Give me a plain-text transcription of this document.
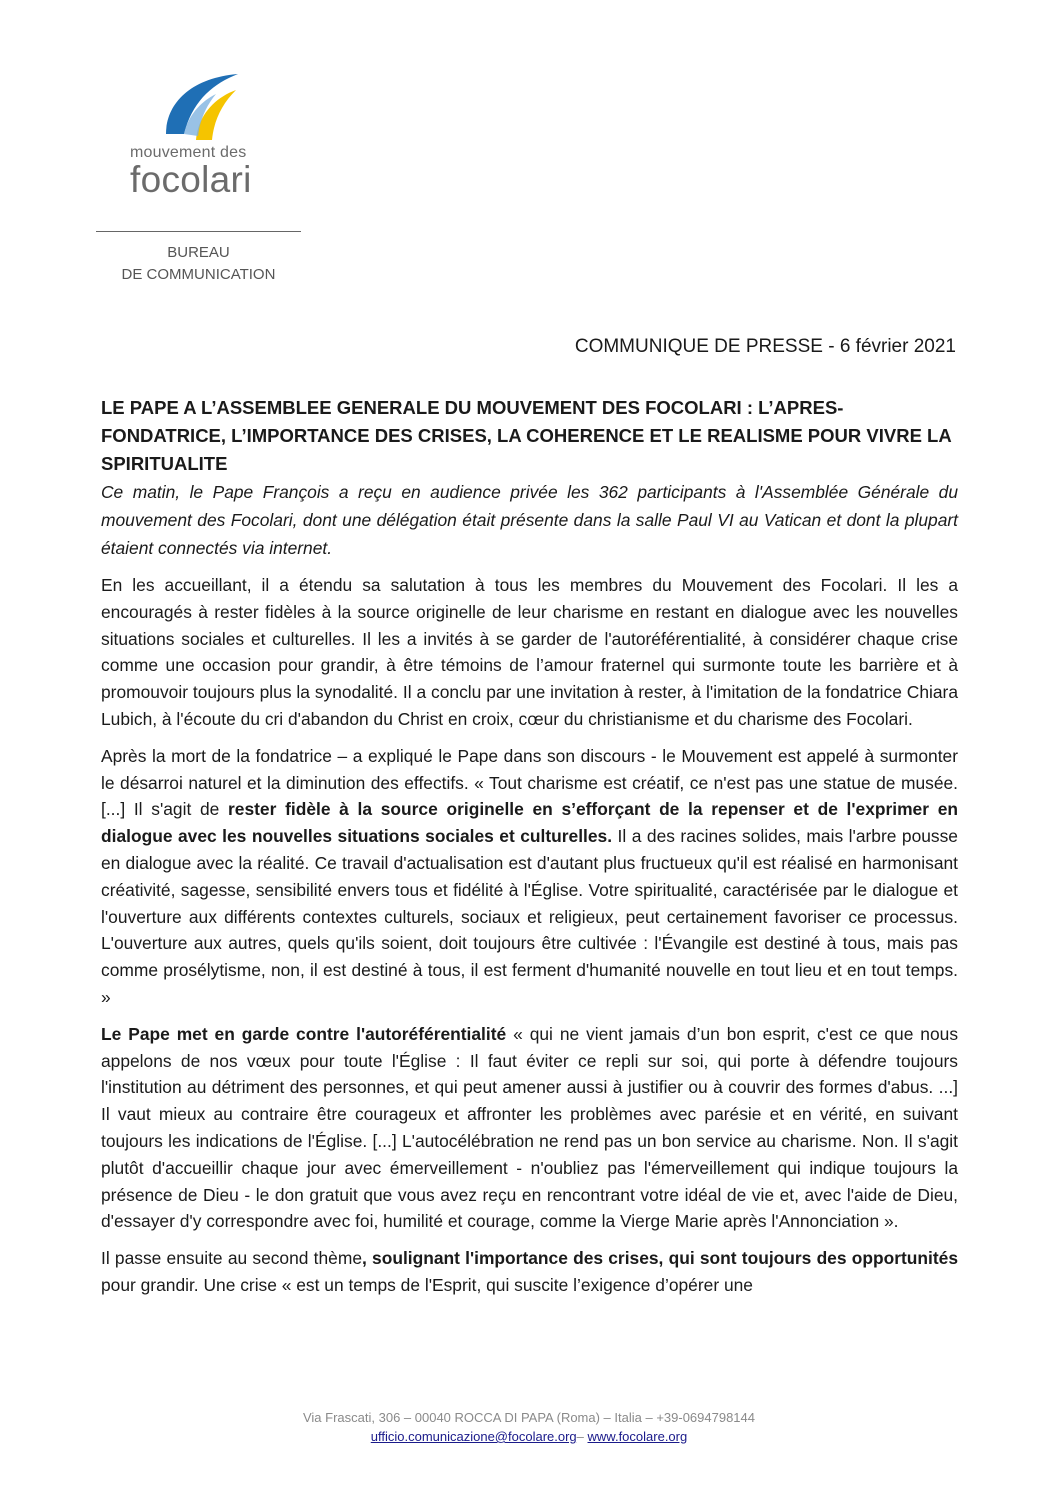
mouvement des
focolari
BUREAU
DE COMMUNICATION
COMMUNIQUE DE PRESSE - 6 février 2021
LE PAPE A L’ASSEMBLEE GENERALE DU MOUVEMENT DES FOCOLARI : L’APRES-FONDATRICE, L’IMPORTANCE DES CRISES, LA COHERENCE ET LE REALISME POUR VIVRE LA SPIRITUALITE

Ce matin, le Pape François a reçu en audience privée les 362 participants à l'Assemblée Générale du mouvement des Focolari, dont une délégation était présente dans la salle Paul VI au Vatican et dont la plupart étaient connectés via internet.

En les accueillant, il a étendu sa salutation à tous les membres du Mouvement des Focolari. Il les a encouragés à rester fidèles à la source originelle de leur charisme en restant en dialogue avec les nouvelles situations sociales et culturelles. Il les a invités à se garder de l'autoréférentialité, à considérer chaque crise comme une occasion pour grandir, à être témoins de l’amour fraternel qui surmonte toute les barrière et à promouvoir toujours plus la synodalité. Il a conclu par une invitation à rester, à l'imitation de la fondatrice Chiara Lubich, à l'écoute du cri d'abandon du Christ en croix, cœur du christianisme et du charisme des Focolari.

Après la mort de la fondatrice – a expliqué le Pape dans son discours - le Mouvement est appelé à surmonter le désarroi naturel et la diminution des effectifs. « Tout charisme est créatif, ce n'est pas une statue de musée. [...] Il s'agit de rester fidèle à la source originelle en s’efforçant de la repenser et de l'exprimer en dialogue avec les nouvelles situations sociales et culturelles. Il a des racines solides, mais l'arbre pousse en dialogue avec la réalité. Ce travail d'actualisation est d'autant plus fructueux qu'il est réalisé en harmonisant créativité, sagesse, sensibilité envers tous et fidélité à l'Église. Votre spiritualité, caractérisée par le dialogue et l'ouverture aux différents contextes culturels, sociaux et religieux, peut certainement favoriser ce processus. L'ouverture aux autres, quels qu'ils soient, doit toujours être cultivée : l'Évangile est destiné à tous, mais pas comme prosélytisme, non, il est destiné à tous, il est ferment d'humanité nouvelle en tout lieu et en tout temps. »

Le Pape met en garde contre l'autoréférentialité « qui ne vient jamais d’un bon esprit, c'est ce que nous appelons de nos vœux pour toute l'Église : Il faut éviter ce repli sur soi, qui porte à défendre toujours l'institution au détriment des personnes, et qui peut amener aussi à justifier ou à couvrir des formes d'abus. ...] Il vaut mieux au contraire être courageux et affronter les problèmes avec parésie et en vérité, en suivant toujours les indications de l'Église. [...] L'autocélébration ne rend pas un bon service au charisme. Non. Il s'agit plutôt d'accueillir chaque jour avec émerveillement - n'oubliez pas l'émerveillement qui indique toujours la présence de Dieu - le don gratuit que vous avez reçu en rencontrant votre idéal de vie et, avec l'aide de Dieu, d'essayer d'y correspondre avec foi, humilité et courage, comme la Vierge Marie après l'Annonciation ».

Il passe ensuite au second thème, soulignant l'importance des crises, qui sont toujours des opportunités pour grandir. Une crise « est un temps de l'Esprit, qui suscite l’exigence d’opérer une

Via Frascati, 306 – 00040 ROCCA DI PAPA (Roma) – Italia – +39-0694798144
ufficio.comunicazione@focolare.org– www.focolare.org
